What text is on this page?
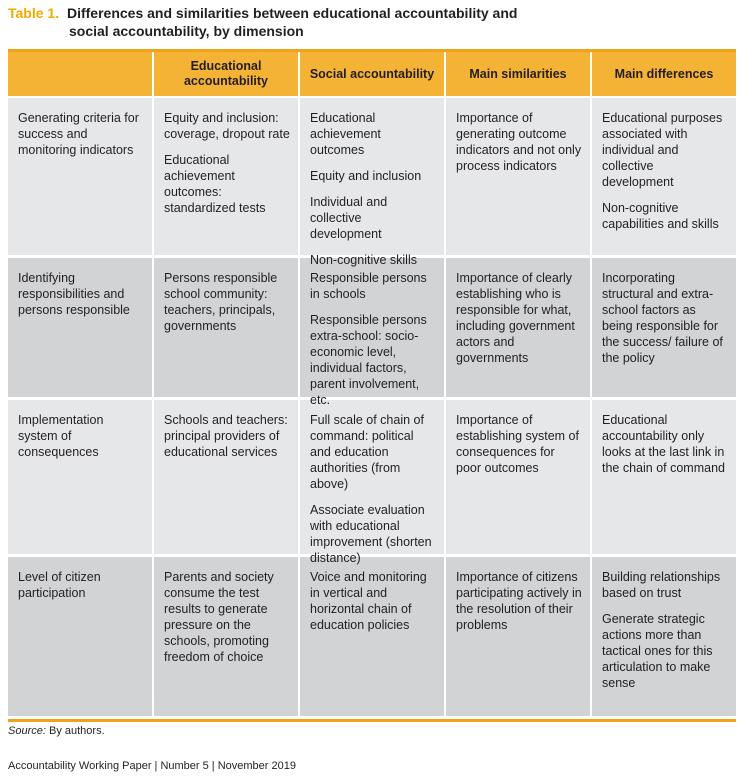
Table 1. Differences and similarities between educational accountability and
social accountability, by dimension
Educational accountability
Social accountability	Main similarities	Main differences

Generating criteria for success and monitoring indicators

Equity and inclusion: coverage, dropout rate

Educational achievement outcomes: standardized tests

Educational achievement outcomes

Equity and inclusion

Individual and collective development

Non-cognitive skills

Importance of generating outcome indicators and not only process indicators

Educational purposes associated with individual and collective development

Non-cognitive capabilities and skills

Identifying responsibilities and persons responsible

Persons responsible school community: teachers, principals, governments

Responsible persons in schools

Responsible persons extra-school: socio-economic level, individual factors, parent involvement, etc.

Importance of clearly establishing who is responsible for what, including government actors and governments

Incorporating structural and extra-school factors as being responsible for the success/ failure of the policy

Implementation system of consequences

Schools and teachers: principal providers of educational services

Full scale of chain of command: political and education authorities (from above)

Associate evaluation with educational improvement (shorten distance)

Importance of establishing system of consequences for poor outcomes

Educational accountability only looks at the last link in the chain of command

Level of citizen participation

Parents and society consume the test results to generate pressure on the schools, promoting freedom of choice

Voice and monitoring in vertical and horizontal chain of education policies

Importance of citizens participating actively in the resolution of their problems

Building relationships based on trust

Generate strategic actions more than tactical ones for this articulation to make sense

Source: By authors.
Accountability Working Paper | Number 5 | November 2019
